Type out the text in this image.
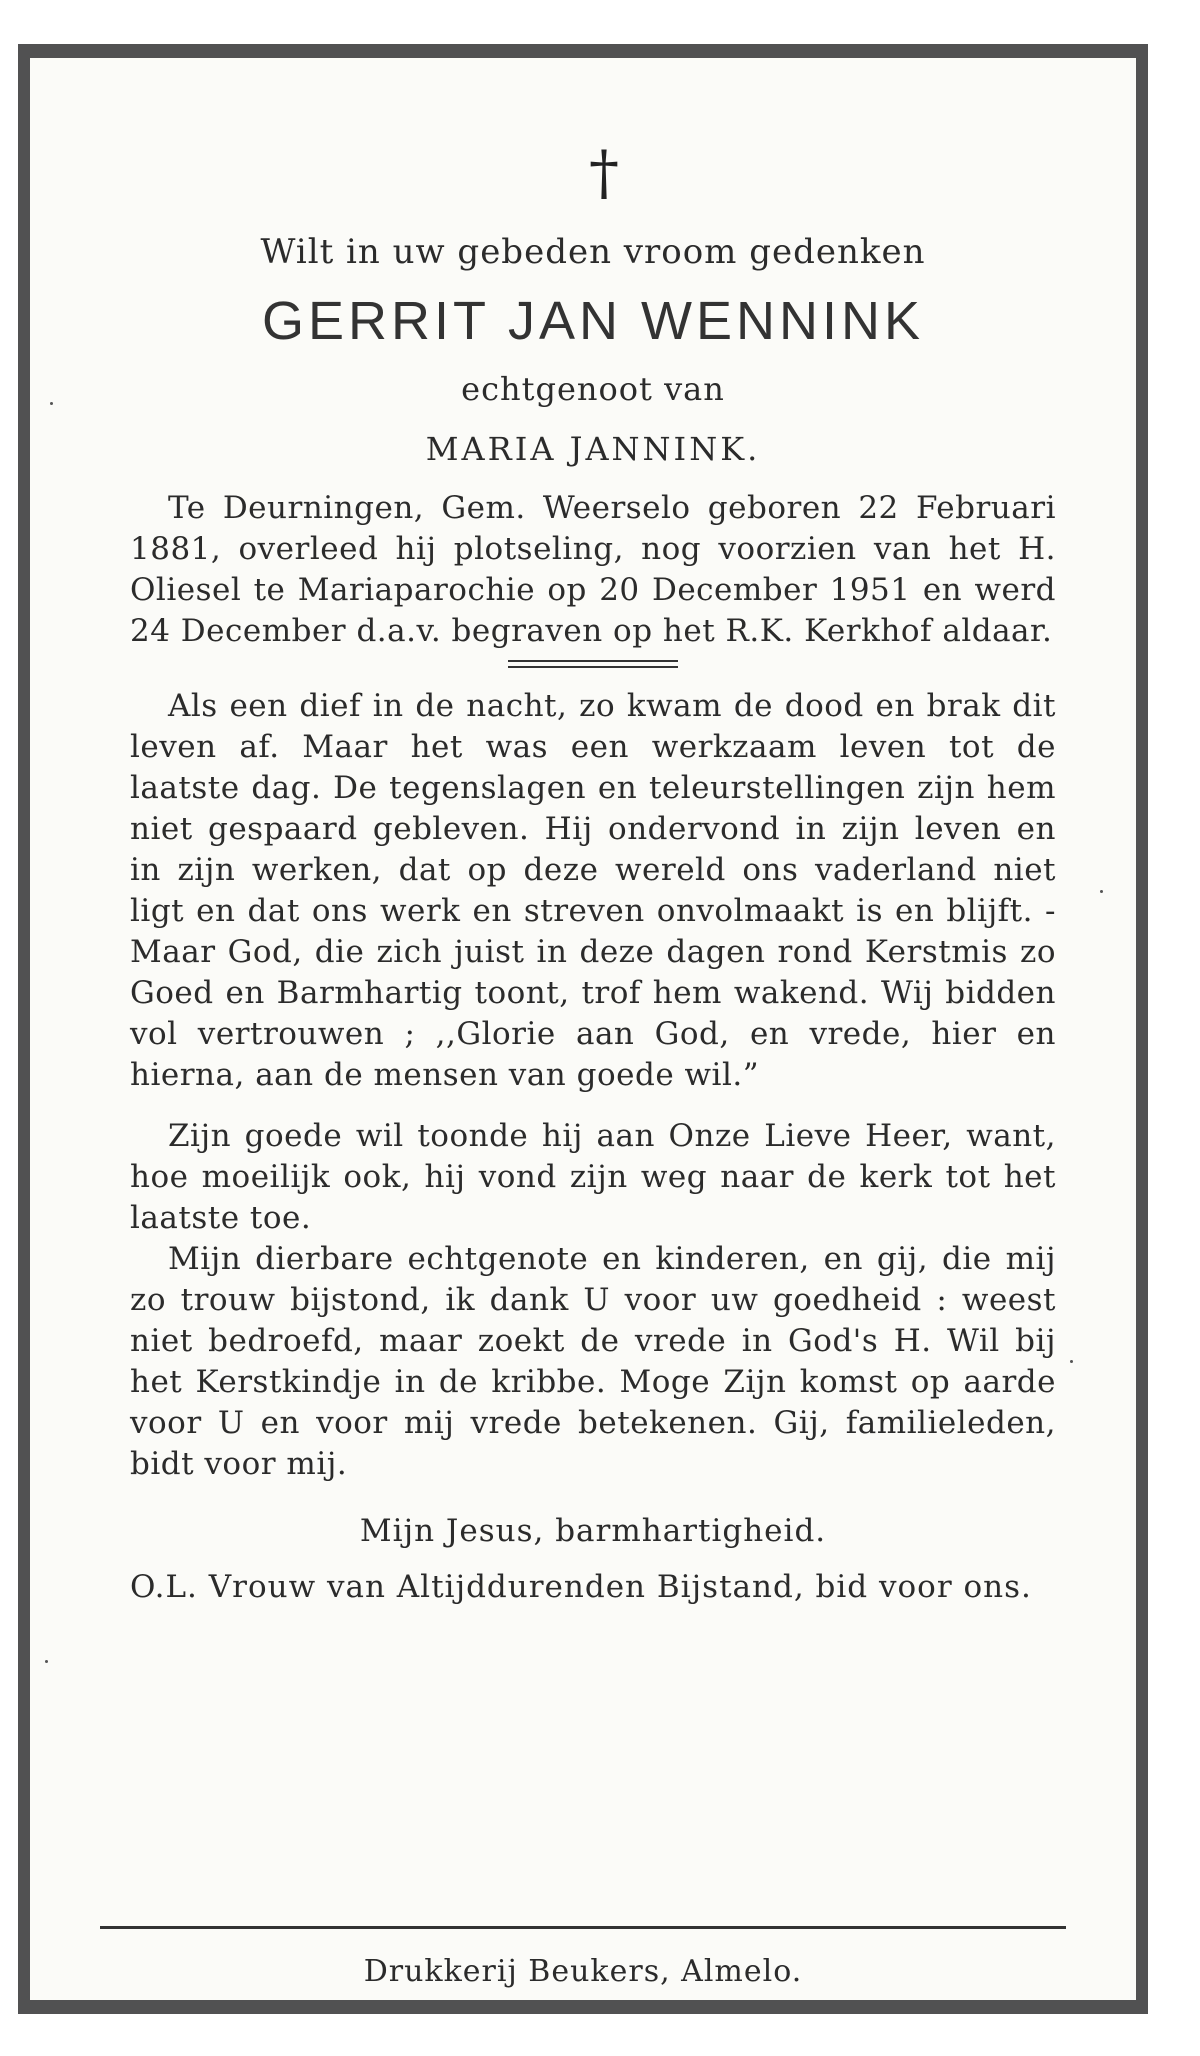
†
Wilt in uw gebeden vroom gedenken
GERRIT JAN WENNINK
echtgenoot van
MARIA JANNINK.

Te Deurningen, Gem. Weerselo geboren 22 Februari 1881, overleed hij plotseling, nog voorzien van het H. Oliesel te Mariaparochie op 20 December 1951 en werd 24 December d.a.v. begraven op het R.K. Kerkhof aldaar.

Als een dief in de nacht, zo kwam de dood en brak dit leven af. Maar het was een werkzaam leven tot de laatste dag. De tegenslagen en teleurstellingen zijn hem niet gespaard gebleven. Hij ondervond in zijn leven en in zijn werken, dat op deze wereld ons vaderland niet ligt en dat ons werk en streven onvolmaakt is en blijft. - Maar God, die zich juist in deze dagen rond Kerstmis zo Goed en Barmhartig toont, trof hem wakend. Wij bidden vol vertrouwen ; ,,Glorie aan God, en vrede, hier en hierna, aan de mensen van goede wil.”

Zijn goede wil toonde hij aan Onze Lieve Heer, want, hoe moeilijk ook, hij vond zijn weg naar de kerk tot het laatste toe.

Mijn dierbare echtgenote en kinderen, en gij, die mij zo trouw bijstond, ik dank U voor uw goedheid : weest niet bedroefd, maar zoekt de vrede in God's H. Wil bij het Kerstkindje in de kribbe. Moge Zijn komst op aarde voor U en voor mij vrede betekenen. Gij, familieleden, bidt voor mij.

Mijn Jesus, barmhartigheid.
O.L. Vrouw van Altijddurenden Bijstand, bid voor ons.
Drukkerij Beukers, Almelo.
